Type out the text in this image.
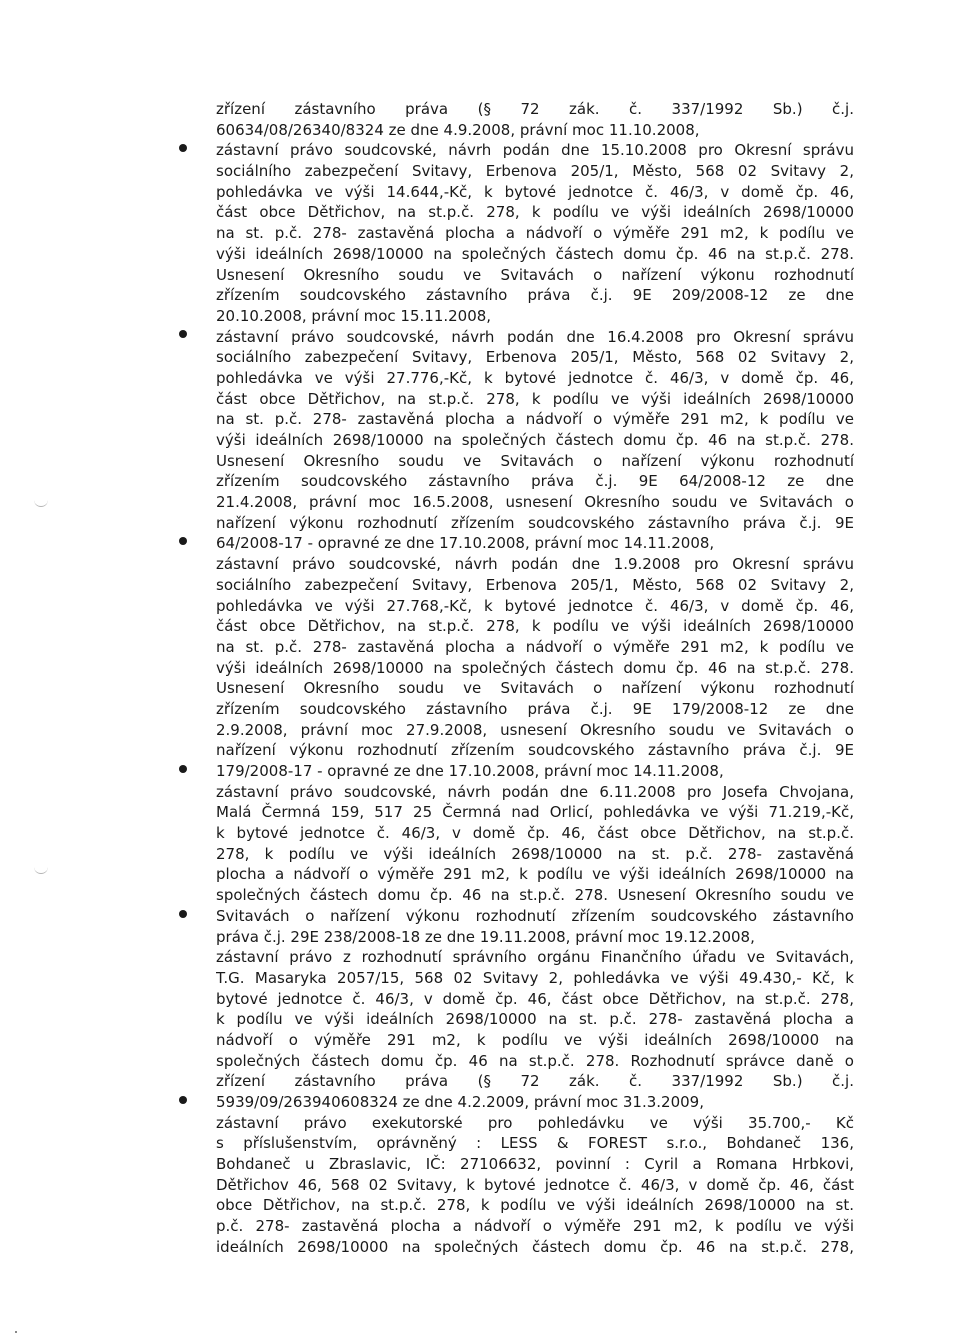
zřízení zástavního práva (§ 72 zák. č. 337/1992 Sb.) č.j.
60634/08/26340/8324 ze dne 4.9.2008, právní moc 11.10.2008,
zástavní právo soudcovské, návrh podán dne 15.10.2008 pro Okresní správu
sociálního zabezpečení Svitavy, Erbenova 205/1, Město, 568 02 Svitavy 2,
pohledávka ve výši 14.644,-Kč, k bytové jednotce č. 46/3, v domě čp. 46,
část obce Dětřichov, na st.p.č. 278, k podílu ve výši ideálních 2698/10000
na st. p.č. 278- zastavěná plocha a nádvoří o výměře 291 m2, k podílu ve
výši ideálních 2698/10000 na společných částech domu čp. 46 na st.p.č. 278.
Usnesení Okresního soudu ve Svitavách o nařízení výkonu rozhodnutí
zřízením soudcovského zástavního práva č.j. 9E 209/2008-12 ze dne
20.10.2008, právní moc 15.11.2008,
zástavní právo soudcovské, návrh podán dne 16.4.2008 pro Okresní správu
sociálního zabezpečení Svitavy, Erbenova 205/1, Město, 568 02 Svitavy 2,
pohledávka ve výši 27.776,-Kč, k bytové jednotce č. 46/3, v domě čp. 46,
část obce Dětřichov, na st.p.č. 278, k podílu ve výši ideálních 2698/10000
na st. p.č. 278- zastavěná plocha a nádvoří o výměře 291 m2, k podílu ve
výši ideálních 2698/10000 na společných částech domu čp. 46 na st.p.č. 278.
Usnesení Okresního soudu ve Svitavách o nařízení výkonu rozhodnutí
zřízením soudcovského zástavního práva č.j. 9E 64/2008-12 ze dne
21.4.2008, právní moc 16.5.2008, usnesení Okresního soudu ve Svitavách o
nařízení výkonu rozhodnutí zřízením soudcovského zástavního práva č.j. 9E
64/2008-17 - opravné ze dne 17.10.2008, právní moc 14.11.2008,
zástavní právo soudcovské, návrh podán dne 1.9.2008 pro Okresní správu
sociálního zabezpečení Svitavy, Erbenova 205/1, Město, 568 02 Svitavy 2,
pohledávka ve výši 27.768,-Kč, k bytové jednotce č. 46/3, v domě čp. 46,
část obce Dětřichov, na st.p.č. 278, k podílu ve výši ideálních 2698/10000
na st. p.č. 278- zastavěná plocha a nádvoří o výměře 291 m2, k podílu ve
výši ideálních 2698/10000 na společných částech domu čp. 46 na st.p.č. 278.
Usnesení Okresního soudu ve Svitavách o nařízení výkonu rozhodnutí
zřízením soudcovského zástavního práva č.j. 9E 179/2008-12 ze dne
2.9.2008, právní moc 27.9.2008, usnesení Okresního soudu ve Svitavách o
nařízení výkonu rozhodnutí zřízením soudcovského zástavního práva č.j. 9E
179/2008-17 - opravné ze dne 17.10.2008, právní moc 14.11.2008,
zástavní právo soudcovské, návrh podán dne 6.11.2008 pro Josefa Chvojana,
Malá Čermná 159, 517 25 Čermná nad Orlicí, pohledávka ve výši 71.219,-Kč,
k bytové jednotce č. 46/3, v domě čp. 46, část obce Dětřichov, na st.p.č.
278, k podílu ve výši ideálních 2698/10000 na st. p.č. 278- zastavěná
plocha a nádvoří o výměře 291 m2, k podílu ve výši ideálních 2698/10000 na
společných částech domu čp. 46 na st.p.č. 278. Usnesení Okresního soudu ve
Svitavách o nařízení výkonu rozhodnutí zřízením soudcovského zástavního
práva č.j. 29E 238/2008-18 ze dne 19.11.2008, právní moc 19.12.2008,
zástavní právo z rozhodnutí správního orgánu Finančního úřadu ve Svitavách,
T.G. Masaryka 2057/15, 568 02 Svitavy 2, pohledávka ve výši 49.430,- Kč, k
bytové jednotce č. 46/3, v domě čp. 46, část obce Dětřichov, na st.p.č. 278,
k podílu ve výši ideálních 2698/10000 na st. p.č. 278- zastavěná plocha a
nádvoří o výměře 291 m2, k podílu ve výši ideálních 2698/10000 na
společných částech domu čp. 46 na st.p.č. 278. Rozhodnutí správce daně o
zřízení zástavního práva (§ 72 zák. č. 337/1992 Sb.) č.j.
5939/09/263940608324 ze dne 4.2.2009, právní moc 31.3.2009,
zástavní právo exekutorské pro pohledávku ve výši 35.700,- Kč
s příslušenstvím, oprávněný : LESS & FOREST s.r.o., Bohdaneč 136,
Bohdaneč u Zbraslavic, IČ: 27106632, povinní : Cyril a Romana Hrbkovi,
Dětřichov 46, 568 02 Svitavy, k bytové jednotce č. 46/3, v domě čp. 46, část
obce Dětřichov, na st.p.č. 278, k podílu ve výši ideálních 2698/10000 na st.
p.č. 278- zastavěná plocha a nádvoří o výměře 291 m2, k podílu ve výši
ideálních 2698/10000 na společných částech domu čp. 46 na st.p.č. 278,
